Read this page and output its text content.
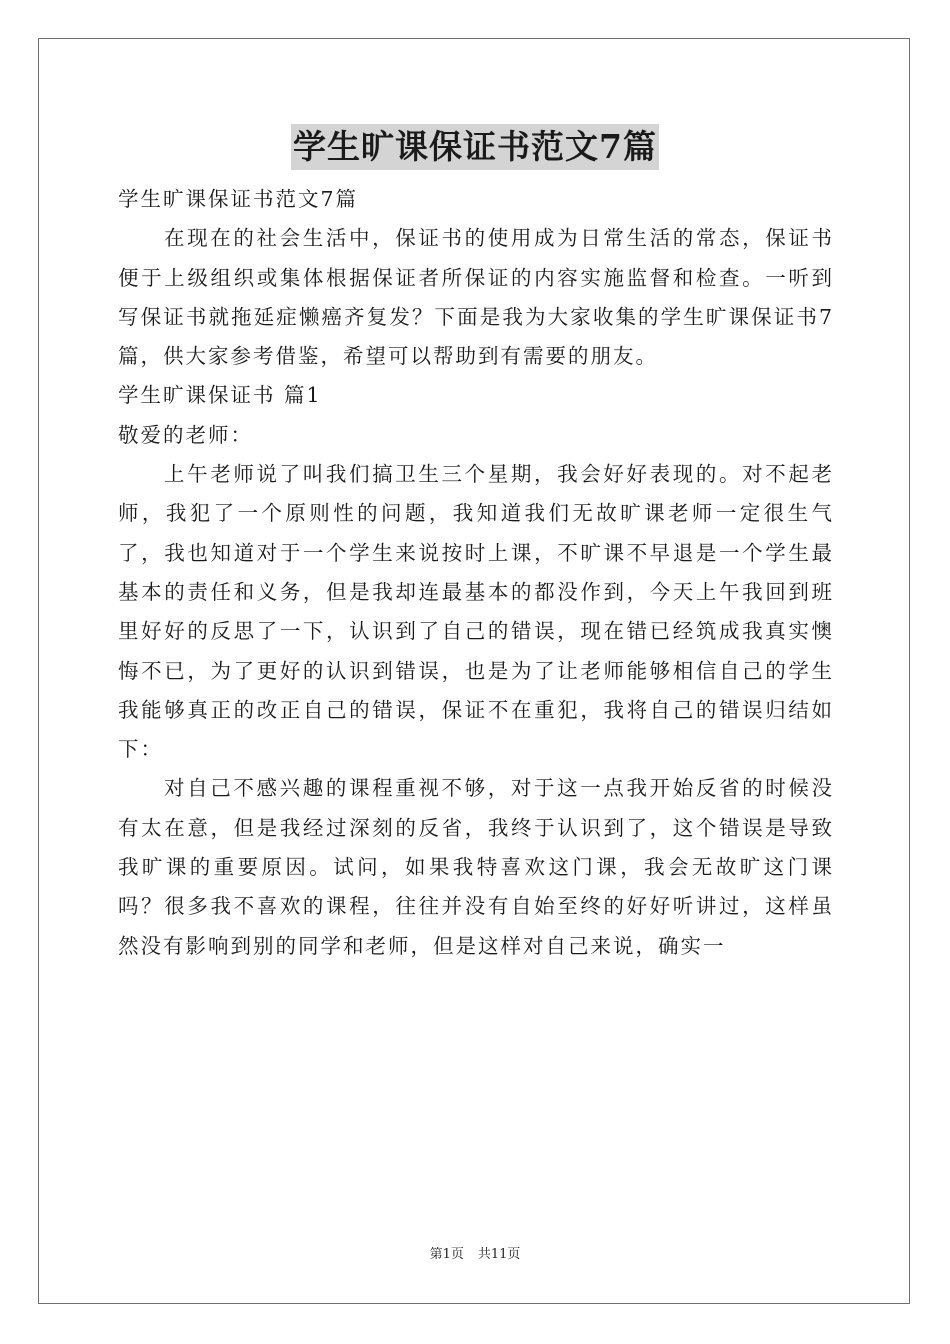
学生旷课保证书范文7篇

学生旷课保证书范文7篇

在现在的社会生活中，保证书的使用成为日常生活的常态，保证书便于上级组织或集体根据保证者所保证的内容实施监督和检查。一听到写保证书就拖延症懒癌齐复发？下面是我为大家收集的学生旷课保证书7篇，供大家参考借鉴，希望可以帮助到有需要的朋友。

学生旷课保证书 篇1

敬爱的老师：

上午老师说了叫我们搞卫生三个星期，我会好好表现的。对不起老师，我犯了一个原则性的问题，我知道我们无故旷课老师一定很生气了，我也知道对于一个学生来说按时上课，不旷课不早退是一个学生最基本的责任和义务，但是我却连最基本的都没作到，今天上午我回到班里好好的反思了一下，认识到了自己的错误，现在错已经筑成我真实懊悔不已，为了更好的认识到错误，也是为了让老师能够相信自己的学生我能够真正的改正自己的错误，保证不在重犯，我将自己的错误归结如下：

对自己不感兴趣的课程重视不够，对于这一点我开始反省的时候没有太在意，但是我经过深刻的反省，我终于认识到了，这个错误是导致我旷课的重要原因。试问，如果我特喜欢这门课，我会无故旷这门课吗？很多我不喜欢的课程，往往并没有自始至终的好好听讲过，这样虽然没有影响到别的同学和老师，但是这样对自己来说，确实一

第1页 共11页
